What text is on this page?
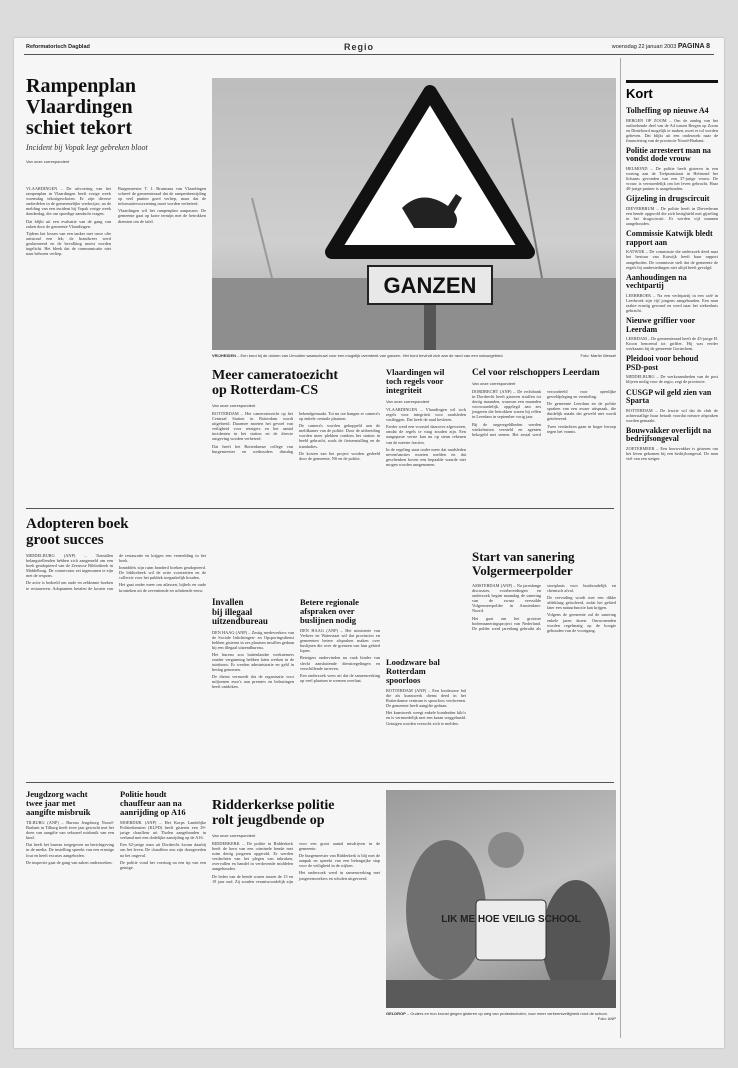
Reformatorisch Dagblad	Regio	woensdag 22 januari 2003 PAGINA 8
Rampenplan
Vlaardingen
schiet tekort
Incident bij Vopak legt gebreken bloot
Van onze correspondent

VLAARDINGEN – De uitvoering van het rampenplan in Vlaardingen heeft vorige week woensdag tekortgeschoten. Er zijn diverse onderdelen in de gemeentelijke werkwijze, na de melding van een incident bij Vopak vorige week donderdag, die om spoedige aandacht vragen.

Dat blijkt uit een evaluatie van de gang van zaken door de gemeente Vlaardingen.

Tijdens het lossen van een tanker met ruwe olie ontstond een lek; de brandweer werd gealarmeerd en de bevolking moest worden ingelicht. Het bleek dat de communicatie niet naar behoren verliep.

Burgemeester T. J. Bruinsma van Vlaardingen schreef de gemeenteraad dat de rampenbestrijding op veel punten goed verliep, maar dat de informatievoorziening moet worden verbeterd.

Vlaardingen wil het rampenplan aanpassen. De gemeente gaat op korte termijn met de betrokken diensten om de tafel.

GANZEN
VRIJHEIDEN – Een bord bij de duinen van IJmuiden waarschuwt voor een mogelijk oversteek van ganzen. Het bord bevindt zich aan de rand van een natuurgebied.	Foto: Martin Wessel
Meer cameratoezicht
op Rotterdam-CS
Van onze correspondent

ROTTERDAM – Het cameratoezicht op het Centraal Station in Rotterdam wordt uitgebreid. Daarmee moeten het gevoel van veiligheid voor reizigers en het aantal incidenten in het station en de directe omgeving worden verbeterd.

Dat heeft het Rotterdamse college van burgemeester en wethouders dinsdag bekendgemaakt. Tot nu toe hangen er camera's op enkele centrale plaatsen.

De camera's worden gekoppeld aan de meldkamer van de politie. Door de uitbreiding worden meer plekken rondom het station in beeld gebracht, zoals de fietsenstalling en de tramhaltes.

De kosten van het project worden gedeeld door de gemeente, NS en de politie.

Vlaardingen wil
toch regels voor
integriteit
Van onze correspondent

VLAARDINGEN – Vlaardingen wil toch regels voor integriteit voor raadsleden vastleggen. Dat heeft de raad besloten.

Eerder werd een voorstel daarover afgewezen, omdat de regels te vaag zouden zijn. Een aangepaste versie kan nu op steun rekenen van de meeste fracties.

In de regeling staat onder meer dat raadsleden nevenfuncties moeten melden en dat geschenken boven een bepaalde waarde niet mogen worden aangenomen.

Cel voor relschoppers Leerdam
Van onze correspondent

DORDRECHT (ANP) – De rechtbank in Dordrecht heeft gisteren straffen tot dertig maanden, waarvan een maanden voorwaardelijk, opgelegd aan zes jongeren die betrokken waren bij rellen in Leerdam in september vorig jaar.

Bij de ongeregeldheden werden winkelruiten vernield en agenten bekogeld met stenen. Het zestal werd veroordeeld voor openlijke geweldpleging en vernieling.

De gemeente Leerdam en de politie spraken van een zware uitspraak, die duidelijk maakt dat geweld niet wordt getolereerd.

Twee verdachten gaan in hoger beroep tegen het vonnis.

Adopteren boek
groot succes

MIDDELBURG (ANP) – Tientallen belangstellenden hebben zich aangemeld om een boek geadopteerd van de Zeeuwse Bibliotheek in Middelburg. De conservator zei ingenomen te zijn met de respons.

De actie is bedoeld om oude en zeldzame boeken te restaureren. Adoptanten betalen de kosten van de restauratie en krijgen een vermelding in het boek.

Inmiddels zijn ruim honderd boeken geadopteerd. De bibliotheek wil de actie voortzetten en de collectie voor het publiek toegankelijk houden.

Het gaat onder meer om atlassen, bijbels en oude kronieken uit de zeventiende en achttiende eeuw.

Invallen
bij illegaal
uitzendbureau

DEN HAAG (ANP) – Zestig medewerkers van de Sociale Inlichtingen- en Opsporingsdienst hebben gisteren in zes plaatsen invallen gedaan bij een illegaal uitzendbureau.

Het bureau zou buitenlandse werknemers zonder vergunning hebben laten werken in de tuinbouw. Er werden administratie en geld in beslag genomen.

De dienst vermoedt dat de organisatie voor miljoenen euro's aan premies en belastingen heeft ontdoken.

Betere regionale
afspraken over
buslijnen nodig

DEN HAAG (ANP) – Het ministerie van Verkeer en Waterstaat wil dat provincies en gemeenten betere afspraken maken over buslijnen die over de grenzen van hun gebied lopen.

Reizigers ondervinden nu vaak hinder van slecht aansluitende dienstregelingen en verschillende tarieven.

Een onderzoek wees uit dat de samenwerking op veel plaatsen te wensen overlaat.

Loodzware bal
Rotterdam
spoorloos

ROTTERDAM (ANP) – Een loodzware bal die als kunstwerk dienst deed in het Rotterdamse centrum is spoorloos verdwenen. De gemeente heeft aangifte gedaan.

Het kunstwerk weegt enkele honderden kilo's en is vermoedelijk met een kraan weggehaald. Getuigen worden verzocht zich te melden.

Start van sanering
Volgermeerpolder

AMSTERDAM (ANP) – Na jarenlange discussies, voorbereidingen en onderzoek begint maandag de sanering van de zwaar vervuilde Volgermeerpolder in Amsterdam-Noord.

Het gaat om het grootste bodemsaneringsproject van Nederland. De polder werd jarenlang gebruikt als stortplaats voor huishoudelijk en chemisch afval.

De vervuiling wordt met een dikke afdeklaag geïsoleerd, zodat het gebied later een natuurfunctie kan krijgen.

Volgens de gemeente zal de sanering enkele jaren duren. Omwonenden worden regelmatig op de hoogte gehouden van de voortgang.

Jeugdzorg wacht
twee jaar met
aangifte misbruik

TILBURG (ANP) – Bureau Jeugdzorg Noord-Brabant in Tilburg heeft twee jaar gewacht met het doen van aangifte van seksueel misbruik van een kind.

Dat heeft het bureau toegegeven na berichtgeving in de media. De instelling spreekt van een ernstige fout en heeft excuses aangeboden.

De inspectie gaat de gang van zaken onderzoeken.

Politie houdt
chauffeur aan na
aanrijding op A16

MOERDIJK (ANP) – Het Korps Landelijke Politiediensten (KLPD) heeft gisteren een 29-jarige chauffeur uit Tholen aangehouden in verband met een dodelijke aanrijding op de A16.

Een 62-jarige man uit Dordrecht kwam daarbij om het leven. De chauffeur zou zijn doorgereden na het ongeval.

De politie vond het voertuig na een tip van een getuige.

Ridderkerkse politie
rolt jeugdbende op
Van onze correspondent

RIDDERKERK – De politie in Ridderkerk heeft de kern van een criminele bende met ruim dertig jongeren opgerold. Er werden verdachten van het plegen van inbraken, overvallen en handel in verdovende middelen aangehouden.

De leden van de bende waren tussen de 13 en 19 jaar oud. Zij zouden verantwoordelijk zijn voor een groot aantal misdrijven in de gemeente.

De burgemeester van Ridderkerk is blij met de aanpak en spreekt van een belangrijke stap voor de veiligheid in de wijken.

Het onderzoek werd in samenwerking met jongerenwerkers en scholen uitgevoerd.

LIK ME HOE VEILIG SCHOOL
GELDROP – Ouders en hun kroost gingen gisteren op weg van protestscholen, voor meer verkeersveiligheid rond de school.
Foto: ANP
Kort
Tolheffing op nieuwe A4
BERGEN OP ZOOM – Om de aanleg van het ontbrekende deel van de A4 tussen Bergen op Zoom en Dinteloord mogelijk te maken, moet er tol worden geheven. Dat blijkt uit een onderzoek naar de financiering van de provincie Noord-Brabant.
Politie arresteert man na vondst dode vrouw
HELMOND – De politie heeft gisteren in een woning aan de Trefpuntstraat in Helmond het lichaam gevonden van een 37-jarige vrouw. De vrouw is vermoedelijk om het leven gebracht. Haar 40-jarige partner is aangehouden.
Gijzeling in drugscircuit
DIEVERBRUM – De politie heeft in Dieverbrum een bende opgerold die zich bezighield met gijzeling in het drugscircuit. Er werden vijf mannen aangehouden.
Commissie Katwijk bledt rapport aan
KATWIJK – De commissie die onderzoek deed naar het bestuur van Katwijk heeft haar rapport aangeboden. De commissie stelt dat de gemeente de regels bij aanbestedingen niet altijd heeft gevolgd.
Aanhoudingen na vechtpartij
LEERBROEK – Na een vechtpartij in een café in Leerbroek zijn vijf jongens aangehouden. Een man raakte ernstig gewond en werd naar het ziekenhuis gebracht.
Nieuwe griffier voor Leerdam
LEERDAM – De gemeenteraad heeft de 45-jarige H. Kroon benoemd tot griffier. Hij was eerder werkzaam bij de gemeente Gorinchem.
Pleidooi voor behoud PSD-post
MIDDELBURG – De werkzaamheden van de post blijven nodig voor de regio, zegt de provincie.
CUSGP wil geld zien van Sparta
ROTTERDAM – De fractie wil dat de club de achterstallige huur betaalt voordat nieuwe afspraken worden gemaakt.
Bouwvakker overlijdt na bedrijfsongeval
ZOETERMEER – Een bouwvakker is gisteren om het leven gekomen bij een bedrijfsongeval. De man viel van een steiger.
